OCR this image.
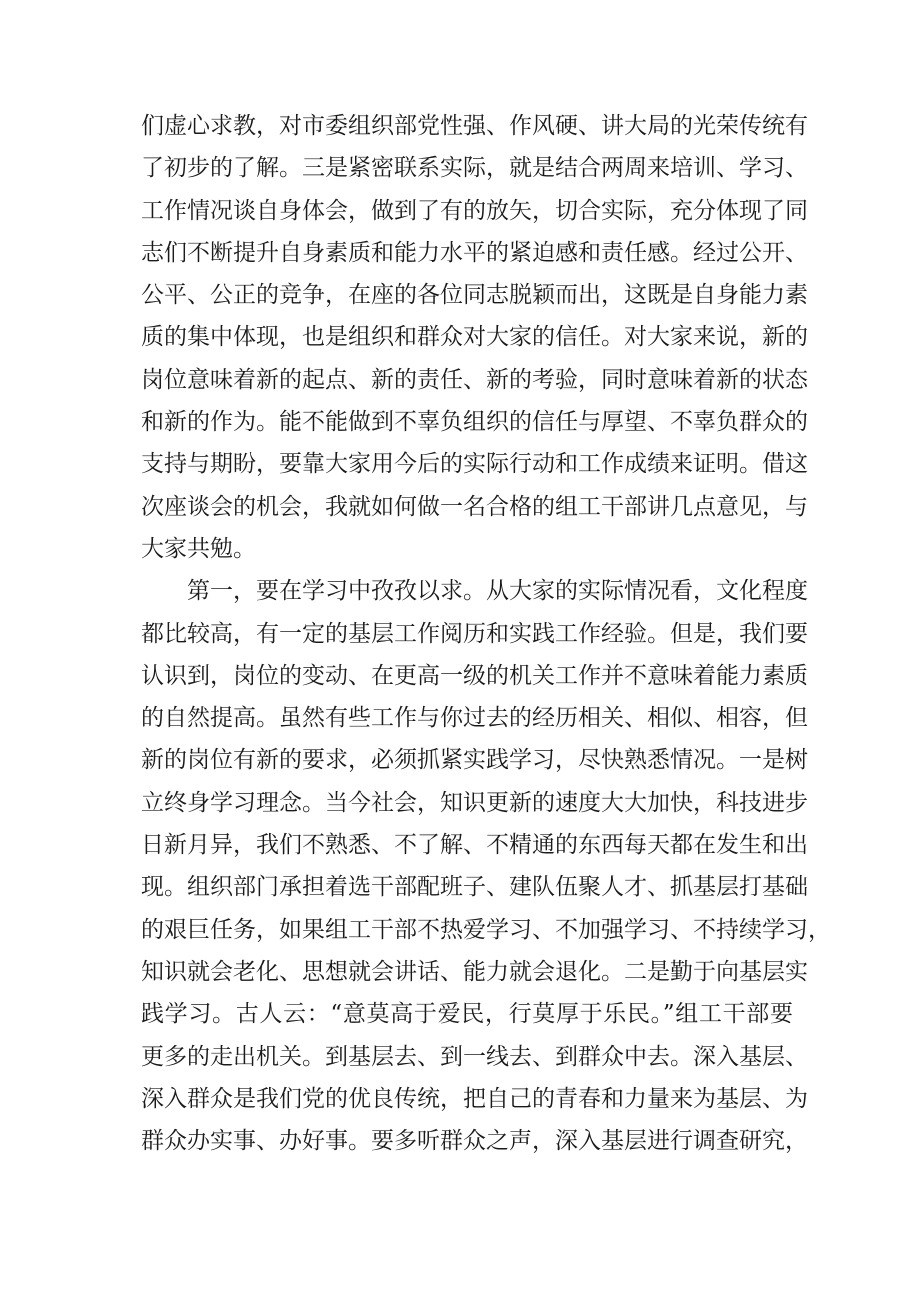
们虚心求教，对市委组织部党性强、作风硬、讲大局的光荣传统有
了初步的了解。三是紧密联系实际，就是结合两周来培训、学习、
工作情况谈自身体会，做到了有的放矢，切合实际，充分体现了同
志们不断提升自身素质和能力水平的紧迫感和责任感。经过公开、
公平、公正的竞争，在座的各位同志脱颖而出，这既是自身能力素
质的集中体现，也是组织和群众对大家的信任。对大家来说，新的
岗位意味着新的起点、新的责任、新的考验，同时意味着新的状态
和新的作为。能不能做到不辜负组织的信任与厚望、不辜负群众的
支持与期盼，要靠大家用今后的实际行动和工作成绩来证明。借这
次座谈会的机会，我就如何做一名合格的组工干部讲几点意见，与
大家共勉。
第一，要在学习中孜孜以求。从大家的实际情况看，文化程度
都比较高，有一定的基层工作阅历和实践工作经验。但是，我们要
认识到，岗位的变动、在更高一级的机关工作并不意味着能力素质
的自然提高。虽然有些工作与你过去的经历相关、相似、相容，但
新的岗位有新的要求，必须抓紧实践学习，尽快熟悉情况。一是树
立终身学习理念。当今社会，知识更新的速度大大加快，科技进步
日新月异，我们不熟悉、不了解、不精通的东西每天都在发生和出
现。组织部门承担着选干部配班子、建队伍聚人才、抓基层打基础
的艰巨任务，如果组工干部不热爱学习、不加强学习、不持续学习，
知识就会老化、思想就会讲话、能力就会退化。二是勤于向基层实
践学习。古人云：“意莫高于爱民，行莫厚于乐民。”组工干部要
更多的走出机关。到基层去、到一线去、到群众中去。深入基层、
深入群众是我们党的优良传统，把自己的青春和力量来为基层、为
群众办实事、办好事。要多听群众之声，深入基层进行调查研究，
